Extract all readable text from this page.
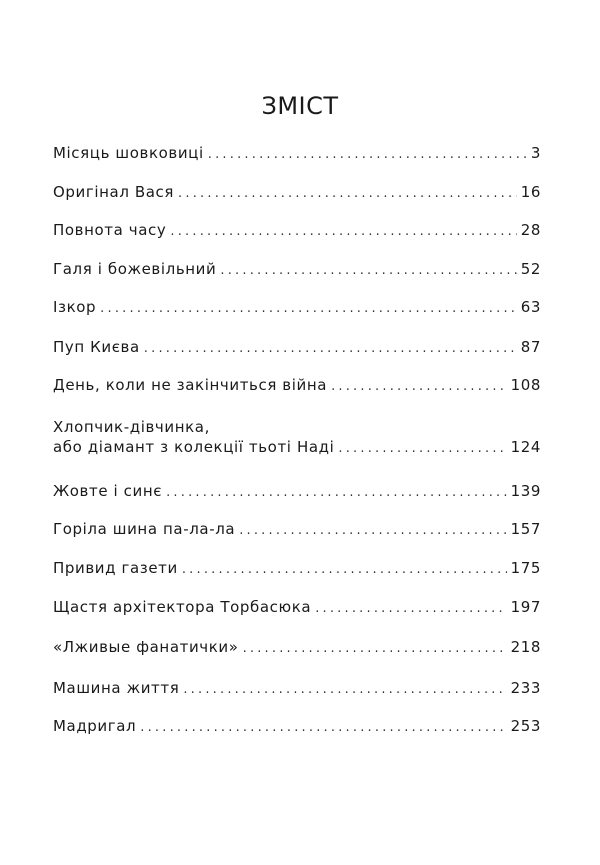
ЗМІСТ
Місяць шовковиці .....	3
Оригінал Вася .....	16
Повнота часу .....	28
Галя і божевільний .....	52
Ізкор .....	63
Пуп Києва .....	87
День, коли не закінчиться війна .....	108
Хлопчик-дівчинка,
або діамант з колекції тьоті Наді .....	124
Жовте і синє .....	139
Горіла шина па-ла-ла .....	157
Привид газети .....	175
Щастя архітектора Торбасюка .....	197
«Лживые фанатички» .....	218
Машина життя .....	233
Мадригал .....	253
